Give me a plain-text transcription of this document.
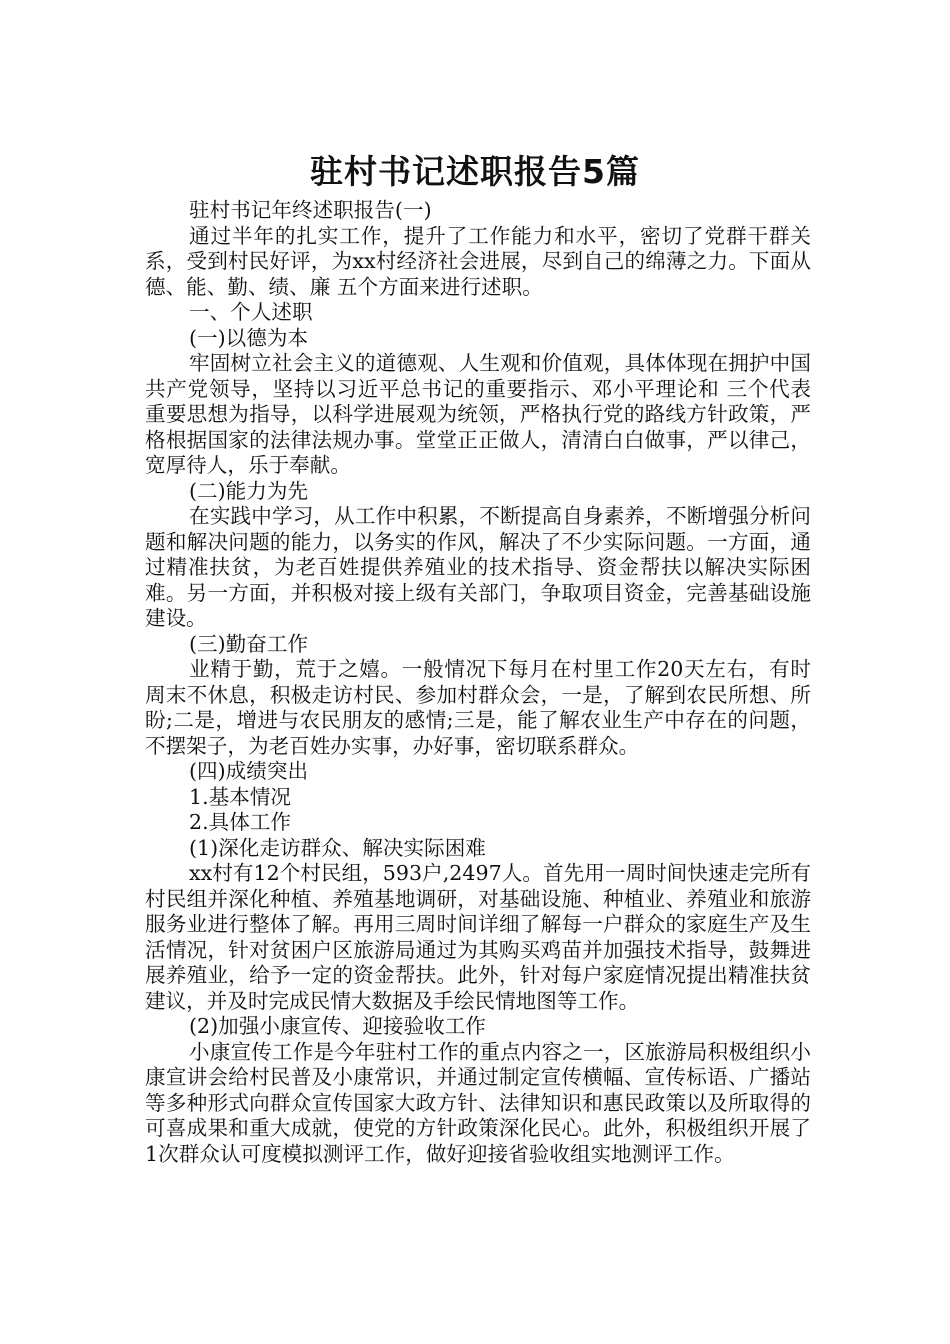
驻村书记述职报告5篇

驻村书记年终述职报告(一)

通过半年的扎实工作，提升了工作能力和水平，密切了党群干群关系，受到村民好评，为xx村经济社会进展，尽到自己的绵薄之力。下面从 德、能、勤、绩、廉 五个方面来进行述职。

一、个人述职

(一)以德为本

牢固树立社会主义的道德观、人生观和价值观，具体体现在拥护中国共产党领导，坚持以习近平总书记的重要指示、邓小平理论和 三个代表 重要思想为指导，以科学进展观为统领，严格执行党的路线方针政策，严格根据国家的法律法规办事。堂堂正正做人，清清白白做事，严以律己，宽厚待人，乐于奉献。

(二)能力为先

在实践中学习，从工作中积累，不断提高自身素养，不断增强分析问题和解决问题的能力，以务实的作风，解决了不少实际问题。一方面，通过精准扶贫，为老百姓提供养殖业的技术指导、资金帮扶以解决实际困难。另一方面，并积极对接上级有关部门，争取项目资金，完善基础设施建设。

(三)勤奋工作

业精于勤，荒于之嬉。一般情况下每月在村里工作20天左右，有时周末不休息，积极走访村民、参加村群众会，一是，了解到农民所想、所盼;二是，增进与农民朋友的感情;三是，能了解农业生产中存在的问题，不摆架子，为老百姓办实事，办好事，密切联系群众。

(四)成绩突出

1.基本情况

2.具体工作

(1)深化走访群众、解决实际困难

xx村有12个村民组，593户,2497人。首先用一周时间快速走完所有村民组并深化种植、养殖基地调研，对基础设施、种植业、养殖业和旅游服务业进行整体了解。再用三周时间详细了解每一户群众的家庭生产及生活情况，针对贫困户区旅游局通过为其购买鸡苗并加强技术指导，鼓舞进展养殖业，给予一定的资金帮扶。此外，针对每户家庭情况提出精准扶贫建议，并及时完成民情大数据及手绘民情地图等工作。

(2)加强小康宣传、迎接验收工作

小康宣传工作是今年驻村工作的重点内容之一，区旅游局积极组织小康宣讲会给村民普及小康常识，并通过制定宣传横幅、宣传标语、广播站等多种形式向群众宣传国家大政方针、法律知识和惠民政策以及所取得的可喜成果和重大成就，使党的方针政策深化民心。此外，积极组织开展了1次群众认可度模拟测评工作，做好迎接省验收组实地测评工作。
